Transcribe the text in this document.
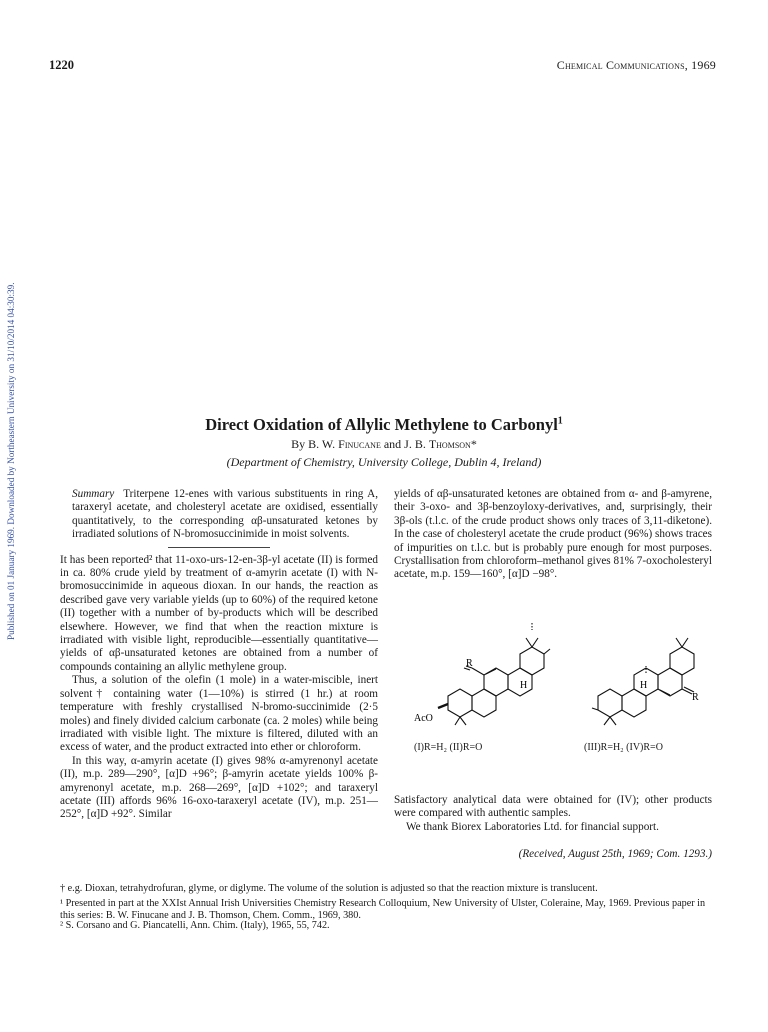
Published on 01 January 1969. Downloaded by Northeastern University on 31/10/2014 04:30:39.
1220	Chemical Communications, 1969
Direct Oxidation of Allylic Methylene to Carbonyl$^1$
By B. W. Finucane and J. B. Thomson*
(Department of Chemistry, University College, Dublin 4, Ireland)

Summary Triterpene 12-enes with various substituents in ring A, taraxeryl acetate, and cholesteryl acetate are oxidised, essentially quantitatively, to the corresponding αβ-unsaturated ketones by irradiated solutions of N-bromosuccinimide in moist solvents.

It has been reported² that 11-oxo-urs-12-en-3β-yl acetate (II) is formed in ca. 80% crude yield by treatment of α-amyrin acetate (I) with N-bromosuccinimide in aqueous dioxan. In our hands, the reaction as described gave very variable yields (up to 60%) of the required ketone (II) together with a number of by-products which will be described elsewhere. However, we find that when the reaction mixture is irradiated with visible light, reproducible—essentially quantitative—yields of αβ-unsaturated ketones are obtained from a number of compounds containing an allylic methylene group.

Thus, a solution of the olefin (1 mole) in a water-miscible, inert solvent† containing water (1—10%) is stirred (1 hr.) at room temperature with freshly crystallised N-bromo-succinimide (2·5 moles) and finely divided calcium carbonate (ca. 2 moles) while being irradiated with visible light. The mixture is filtered, diluted with an excess of water, and the product extracted into ether or chloroform.

In this way, α-amyrin acetate (I) gives 98% α-amyrenonyl acetate (II), m.p. 289—290°, [α]D +96°; β-amyrin acetate yields 100% β-amyrenonyl acetate, m.p. 268—269°, [α]D +102°; and taraxeryl acetate (III) affords 96% 16-oxo-taraxeryl acetate (IV), m.p. 251—252°, [α]D +92°. Similar

yields of αβ-unsaturated ketones are obtained from α- and β-amyrene, their 3-oxo- and 3β-benzoyloxy-derivatives, and, surprisingly, their 3β-ols (t.l.c. of the crude product shows only traces of 3,11-diketone). In the case of cholesteryl acetate the crude product (96%) shows traces of impurities on t.l.c. but is probably pure enough for most purposes. Crystallisation from chloroform–methanol gives 81% 7-oxocholesteryl acetate, m.p. 159—160°, [α]D −98°.

R
H
AcO
R
H
(I)R=H₂ (II)R=O	(III)R=H₂ (IV)R=O

Satisfactory analytical data were obtained for (IV); other products were compared with authentic samples.

We thank Biorex Laboratories Ltd. for financial support.

(Received, August 25th, 1969; Com. 1293.)
† e.g. Dioxan, tetrahydrofuran, glyme, or diglyme. The volume of the solution is adjusted so that the reaction mixture is translucent.
¹ Presented in part at the XXIst Annual Irish Universities Chemistry Research Colloquium, New University of Ulster, Coleraine, May, 1969. Previous paper in this series: B. W. Finucane and J. B. Thomson, Chem. Comm., 1969, 380.
² S. Corsano and G. Piancatelli, Ann. Chim. (Italy), 1965, 55, 742.
